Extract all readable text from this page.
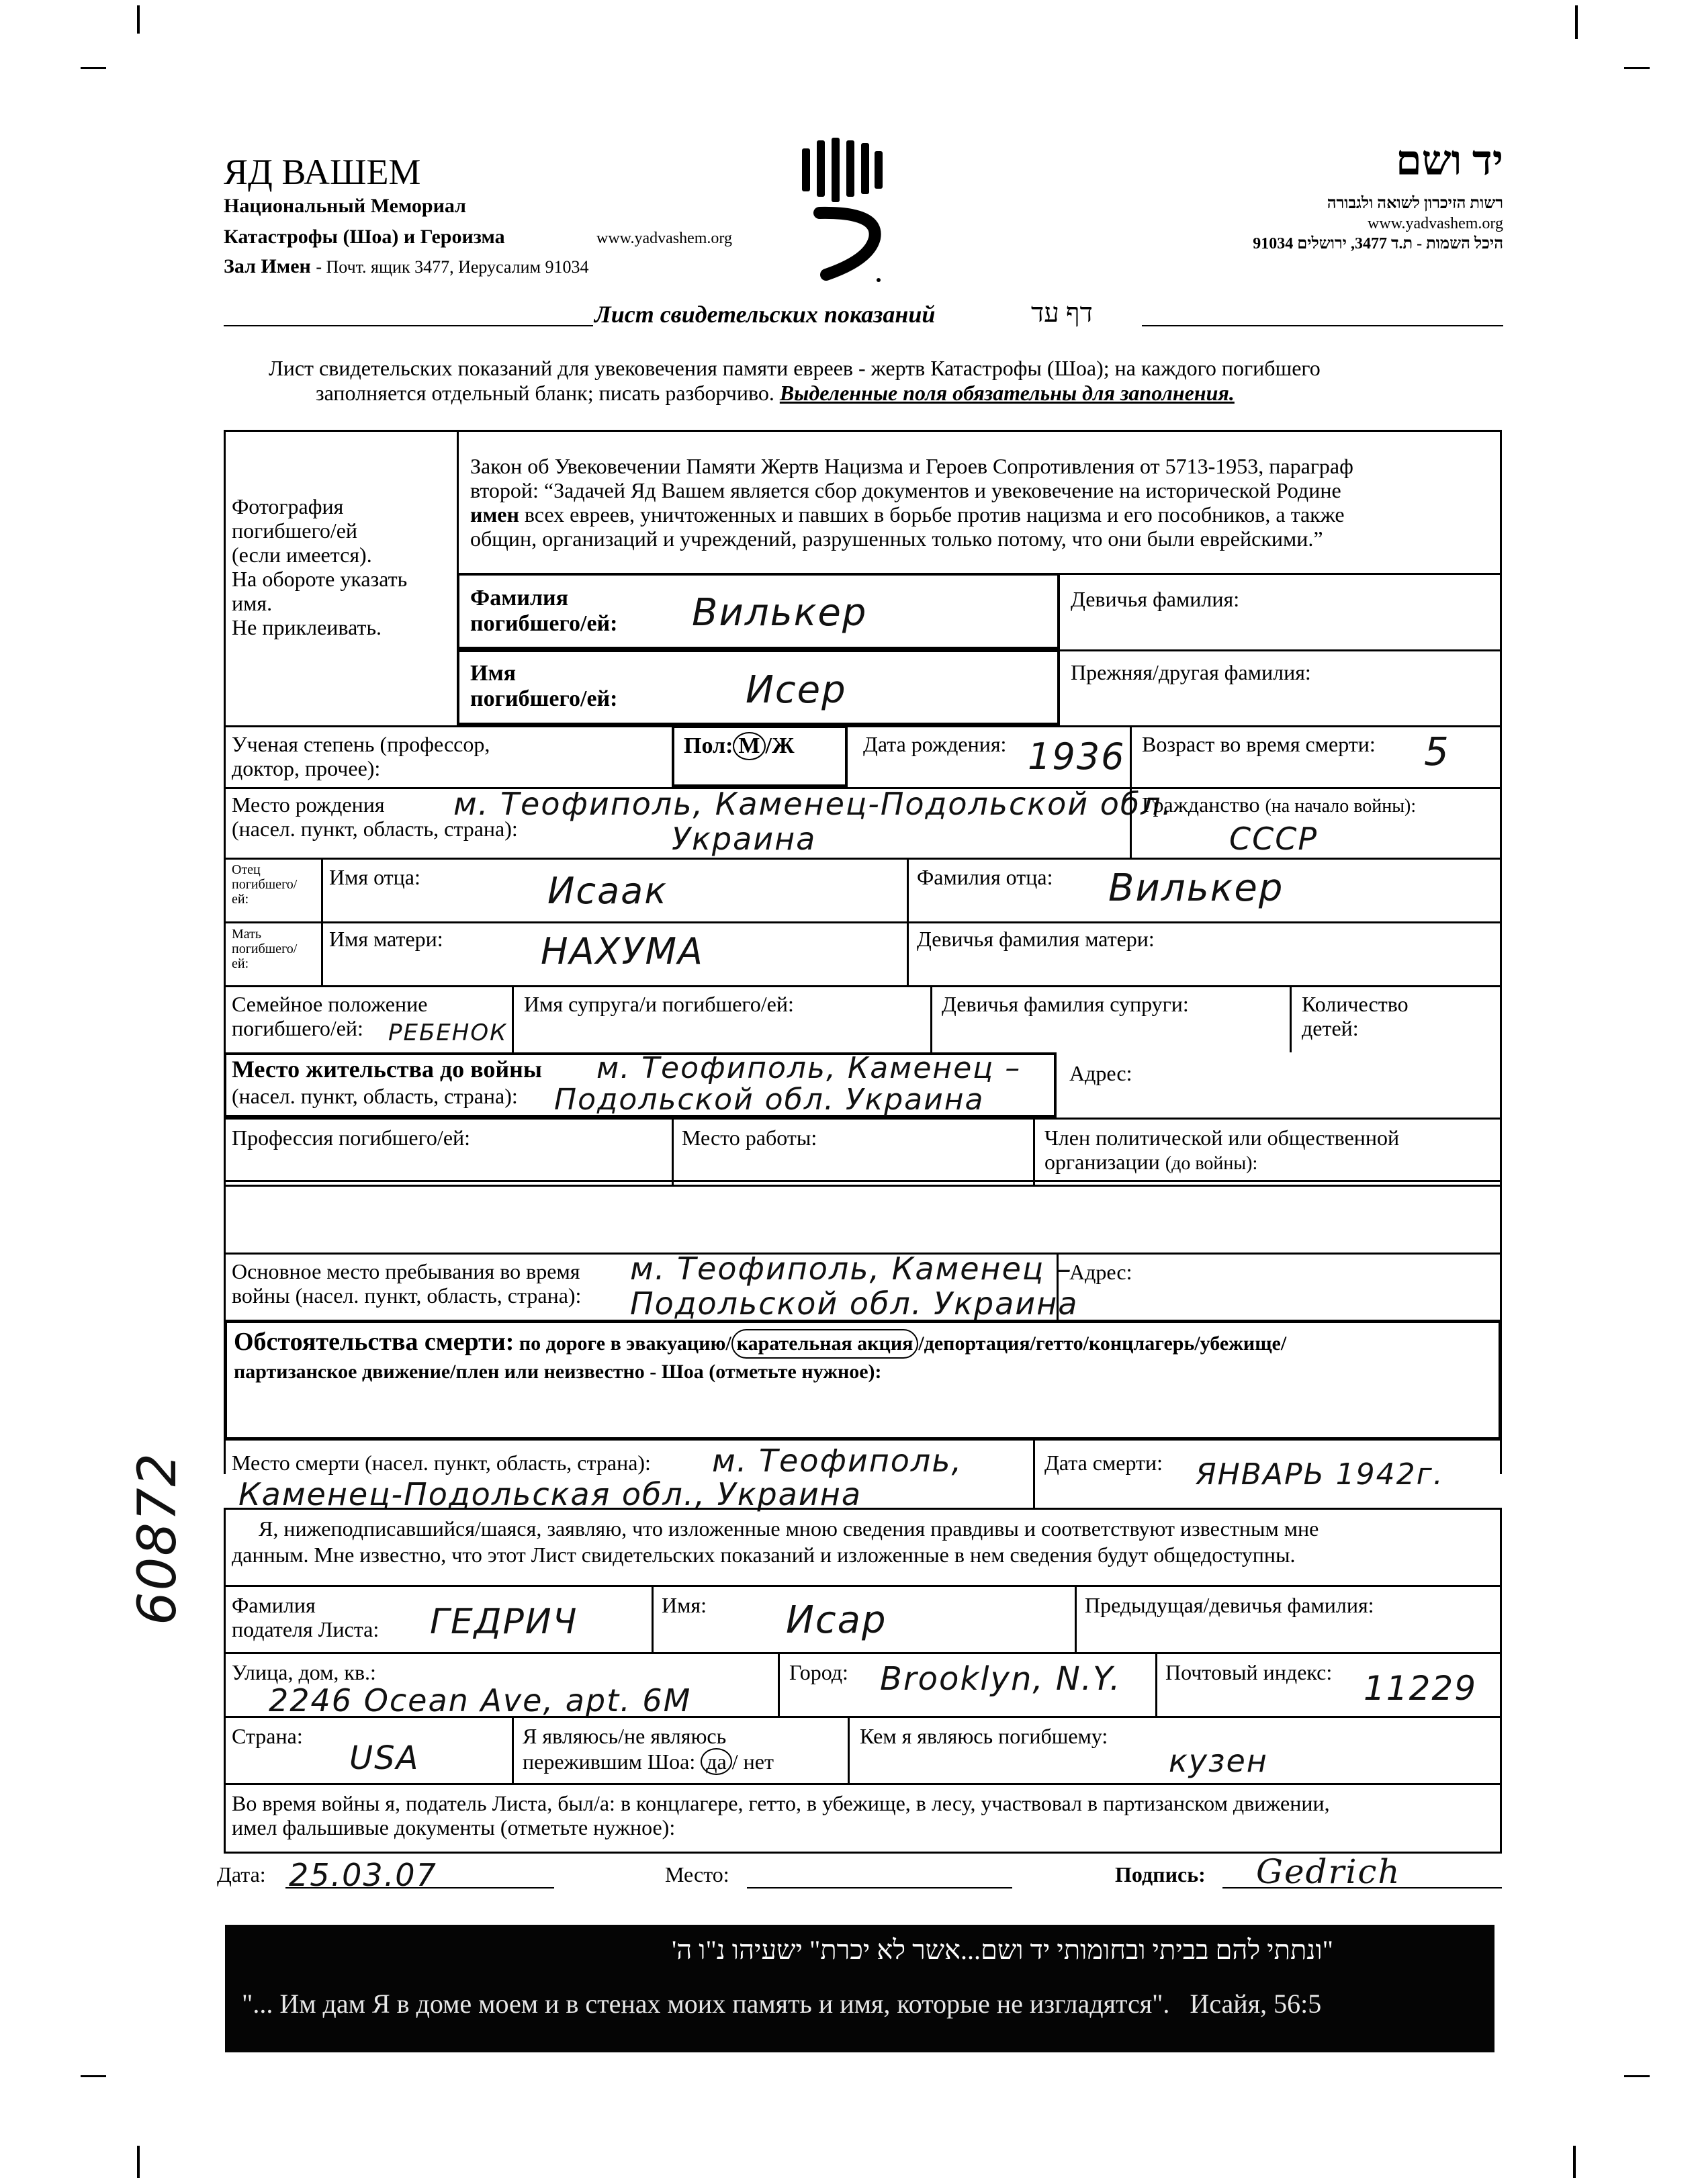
ЯД ВАШЕМ
Национальный Мемориал
Катастрофы (Шоа) и Героизма	www.yadvashem.org
Зал Имен - Почт. ящик 3477, Иерусалим 91034
יד ושם
רשות הזיכרון לשואה ולגבורה
www.yadvashem.org
היכל השמות - ת.ד 3477, ירושלים 91034
Лист свидетельских показаний	דף עד
Лист свидетельских показаний для увековечения памяти евреев - жертв Катастрофы (Шоа); на каждого погибшего
заполняется отдельный бланк; писать разборчиво. Выделенные поля обязательны для заполнения.
Фотография
погибшего/ей
(если имеется).
На обороте указать
имя.
Не приклеивать.
Закон об Увековечении Памяти Жертв Нацизма и Героев Сопротивления от 5713-1953, параграф
второй: “Задачей Яд Вашем является сбор документов и увековечение на исторической Родине
имен всех евреев, уничтоженных и павших в борьбе против нацизма и его пособников, а также
общин, организаций и учреждений, разрушенных только потому, что они были еврейскими.”
Фамилия
погибшего/ей: Вилькер	Девичья фамилия:
Имя
погибшего/ей:	Исер	Прежняя/другая фамилия:
Ученая степень (профессор,
доктор, прочее):
Пол: М /Ж	Дата рождения: 1936 Возраст во время смерти: 5
Место рождения
(насел. пункт, область, страна):
м. Теофиполь, Каменец-Подольской обл.
Украина
Гражданство (на начало войны):
СССР
Отец
погибшего/
ей:
Имя отца:	Исаак	Фамилия отца: Вилькер
Мать
погибшего/
ей:
Имя матери:	НАХУМА	Девичья фамилия матери:
Семейное положение
погибшего/ей:	РЕБЕНОК
Имя супруга/и погибшего/ей:	Девичья фамилия супруги:	Количество
детей:
Место жительства до войны
(насел. пункт, область, страна):
м. Теофиполь, Каменец –
Подольской обл. Украина
Адрес:
Профессия погибшего/ей:	Место работы:	Член политической или общественной
организации (до войны):
Основное место пребывания во время
войны (насел. пункт, область, страна):
м. Теофиполь, Каменец –
Подольской обл. Украина
Адрес:
Обстоятельства смерти: по дороге в эвакуацию/ карательная акция /депортация/гетто/концлагерь/убежище/
партизанское движение/плен или неизвестно - Шоа (отметьте нужное):
Место смерти (насел. пункт, область, страна): м. Теофиполь,
Каменец-Подольская обл., Украина
Дата смерти: ЯНВАРЬ 1942г.
Я, нижеподписавшийся/шаяся, заявляю, что изложенные мною сведения правдивы и соответствуют известным мне
данным. Мне известно, что этот Лист свидетельских показаний и изложенные в нем сведения будут общедоступны.
Фамилия
подателя Листа: ГЕДРИЧ	Имя: Исар	Предыдущая/девичья фамилия:
Улица, дом, кв.:
2246 Ocean Ave, apt. 6M
Город: Brooklyn, N.Y. Почтовый индекс: 11229
Страна:
USA
Я являюсь/не являюсь
пережившим Шоа: да / нет
Кем я являюсь погибшему:
кузен
Во время войны я, податель Листа, был/а: в концлагере, гетто, в убежище, в лесу, участвовал в партизанском движении,
имел фальшивые документы (отметьте нужное):
Дата: 25.03.07	Место:	Подпись: Gedrich
"ונתתי להם בביתי ובחומותי יד ושם...אשר לא יכרת" ישעיהו נ"ו ה'
"... Им дам Я в доме моем и в стенах моих память и имя, которые не изгладятся".   Исайя, 56:5
60872
